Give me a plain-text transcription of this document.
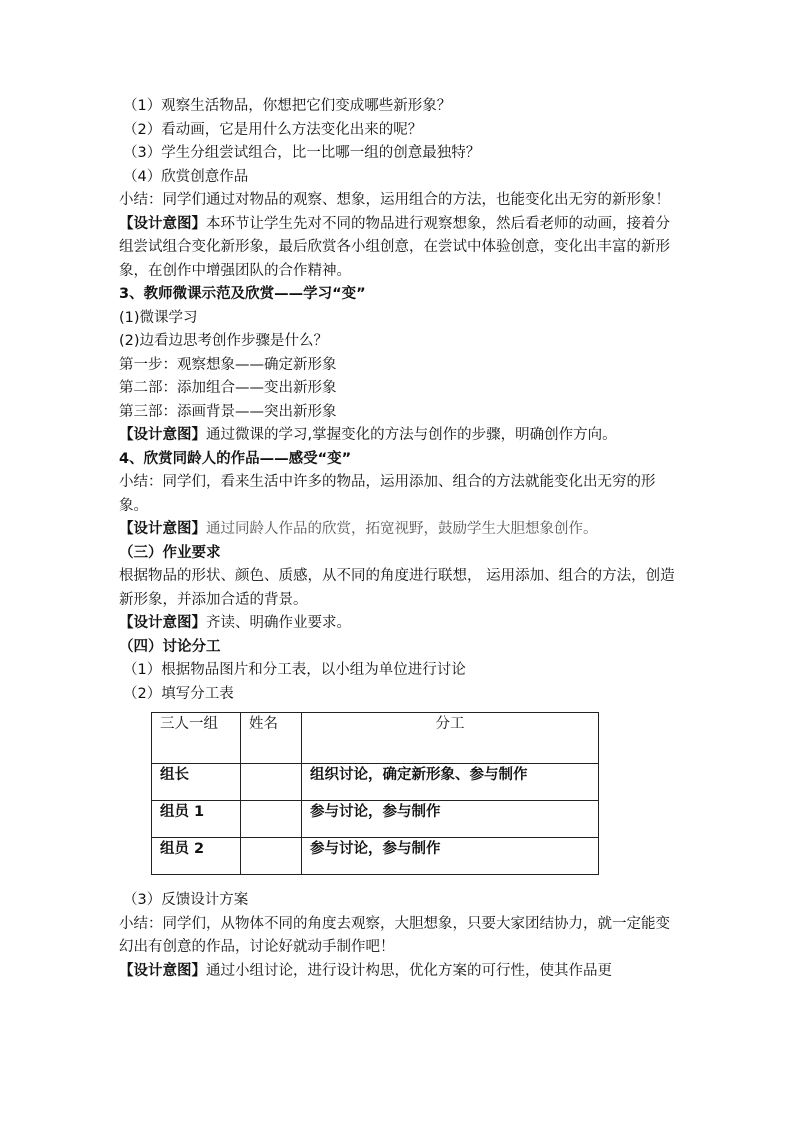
（1）观察生活物品，你想把它们变成哪些新形象？
（2）看动画，它是用什么方法变化出来的呢？
（3）学生分组尝试组合，比一比哪一组的创意最独特？
（4）欣赏创意作品
小结：同学们通过对物品的观察、想象，运用组合的方法，也能变化出无穷的新形象！
【设计意图】本环节让学生先对不同的物品进行观察想象，然后看老师的动画，接着分组尝试组合变化新形象，最后欣赏各小组创意，在尝试中体验创意，变化出丰富的新形象，在创作中增强团队的合作精神。
3、教师微课示范及欣赏——学习“变”
(1)微课学习
(2)边看边思考创作步骤是什么？
第一步：观察想象——确定新形象
第二部：添加组合——变出新形象
第三部：添画背景——突出新形象
【设计意图】通过微课的学习,掌握变化的方法与创作的步骤，明确创作方向。
4、欣赏同龄人的作品——感受“变”
小结：同学们，看来生活中许多的物品，运用添加、组合的方法就能变化出无穷的形象。
【设计意图】通过同龄人作品的欣赏，拓宽视野，鼓励学生大胆想象创作。
（三）作业要求
根据物品的形状、颜色、质感，从不同的角度进行联想， 运用添加、组合的方法，创造新形象，并添加合适的背景。
【设计意图】齐读、明确作业要求。
（四）讨论分工
（1）根据物品图片和分工表，以小组为单位进行讨论
（2）填写分工表
三人一组	姓名	分工
组长		组织讨论，确定新形象、参与制作
组员 1		参与讨论，参与制作
组员 2		参与讨论，参与制作
（3）反馈设计方案
小结：同学们，从物体不同的角度去观察，大胆想象，只要大家团结协力，就一定能变幻出有创意的作品，讨论好就动手制作吧！
【设计意图】通过小组讨论，进行设计构思，优化方案的可行性，使其作品更
